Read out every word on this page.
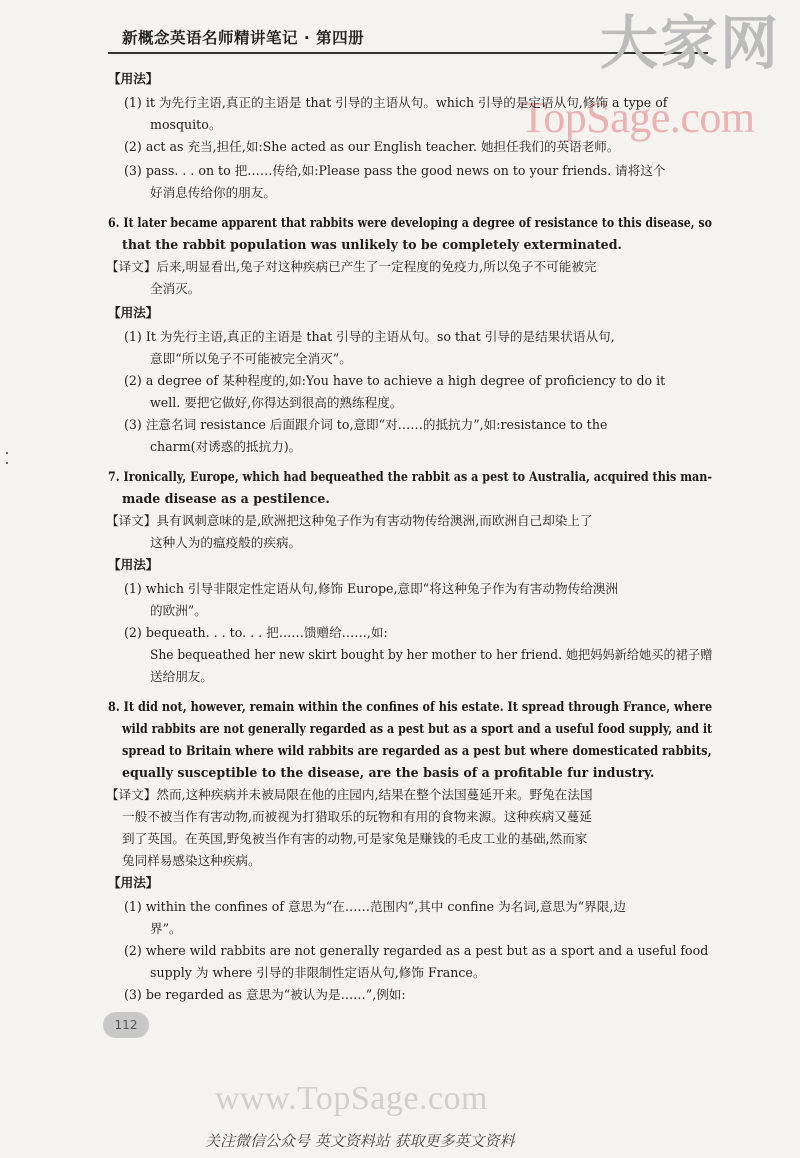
新概念英语名师精讲笔记 · 第四册	大家网
TopSage.com
【用法】
(1) it 为先行主语,真正的主语是 that 引导的主语从句。which 引导的是定语从句,修饰 a type of
mosquito。
(2) act as 充当,担任,如:She acted as our English teacher. 她担任我们的英语老师。
(3) pass. . . on to 把……传给,如:Please pass the good news on to your friends. 请将这个
好消息传给你的朋友。
6. It later became apparent that rabbits were developing a degree of resistance to this disease, so
that the rabbit population was unlikely to be completely exterminated.
【译文】后来,明显看出,兔子对这种疾病已产生了一定程度的免疫力,所以兔子不可能被完
全消灭。
【用法】
(1) It 为先行主语,真正的主语是 that 引导的主语从句。so that 引导的是结果状语从句,
意即“所以兔子不可能被完全消灭”。
(2) a degree of 某种程度的,如:You have to achieve a high degree of proficiency to do it
well. 要把它做好,你得达到很高的熟练程度。
(3) 注意名词 resistance 后面跟介词 to,意即“对……的抵抗力”,如:resistance to the
charm(对诱惑的抵抗力)。
7. Ironically, Europe, which had bequeathed the rabbit as a pest to Australia, acquired this man-
made disease as a pestilence.
【译文】具有讽刺意味的是,欧洲把这种兔子作为有害动物传给澳洲,而欧洲自己却染上了
这种人为的瘟疫般的疾病。
【用法】
(1) which 引导非限定性定语从句,修饰 Europe,意即“将这种兔子作为有害动物传给澳洲
的欧洲”。
(2) bequeath. . . to. . . 把……馈赠给……,如:
She bequeathed her new skirt bought by her mother to her friend. 她把妈妈新给她买的裙子赠
送给朋友。
8. It did not, however, remain within the confines of his estate. It spread through France, where
wild rabbits are not generally regarded as a pest but as a sport and a useful food supply, and it
spread to Britain where wild rabbits are regarded as a pest but where domesticated rabbits,
equally susceptible to the disease, are the basis of a profitable fur industry.
【译文】然而,这种疾病并未被局限在他的庄园内,结果在整个法国蔓延开来。野兔在法国
一般不被当作有害动物,而被视为打猎取乐的玩物和有用的食物来源。这种疾病又蔓延
到了英国。在英国,野兔被当作有害的动物,可是家兔是赚钱的毛皮工业的基础,然而家
兔同样易感染这种疾病。
【用法】
(1) within the confines of 意思为“在……范围内”,其中 confine 为名词,意思为“界限,边
界”。
(2) where wild rabbits are not generally regarded as a pest but as a sport and a useful food
supply 为 where 引导的非限制性定语从句,修饰 France。
(3) be regarded as 意思为“被认为是……”,例如:
112
www.TopSage.com
关注微信公众号 英文资料站 获取更多英文资料
